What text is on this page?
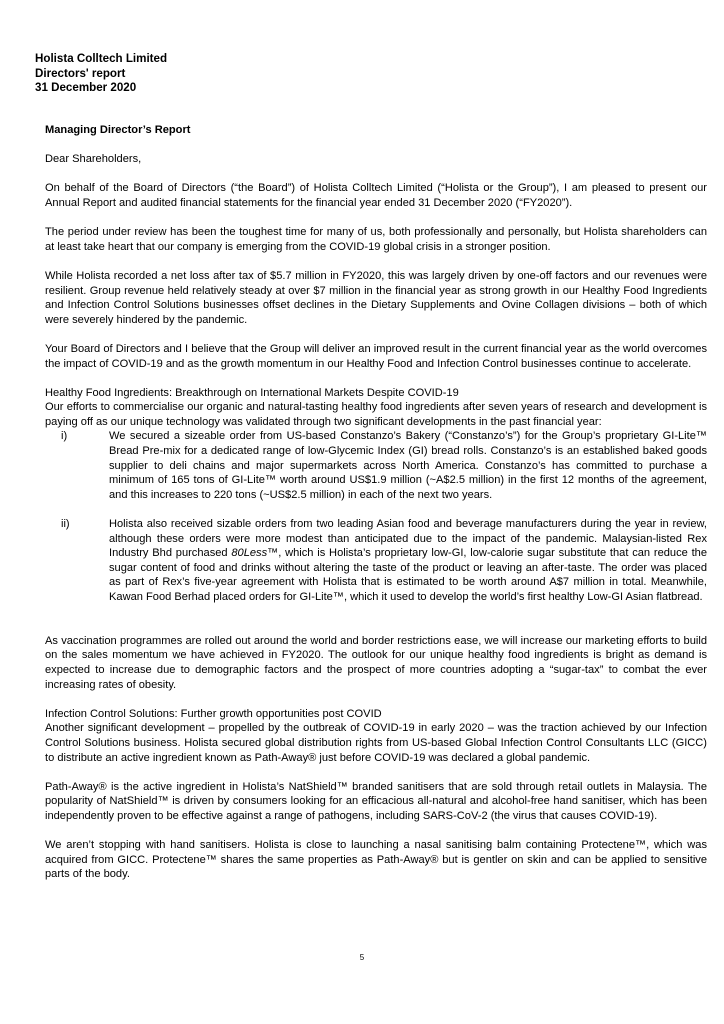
Holista Colltech Limited
Directors' report
31 December 2020

Managing Director’s Report

Dear Shareholders,

On behalf of the Board of Directors (“the Board”) of Holista Colltech Limited (“Holista or the Group”), I am pleased to present our Annual Report and audited financial statements for the financial year ended 31 December 2020 (“FY2020”).

The period under review has been the toughest time for many of us, both professionally and personally, but Holista shareholders can at least take heart that our company is emerging from the COVID-19 global crisis in a stronger position.

While Holista recorded a net loss after tax of $5.7 million in FY2020, this was largely driven by one-off factors and our revenues were resilient. Group revenue held relatively steady at over $7 million in the financial year as strong growth in our Healthy Food Ingredients and Infection Control Solutions businesses offset declines in the Dietary Supplements and Ovine Collagen divisions – both of which were severely hindered by the pandemic.

Your Board of Directors and I believe that the Group will deliver an improved result in the current financial year as the world overcomes the impact of COVID-19 and as the growth momentum in our Healthy Food and Infection Control businesses continue to accelerate.

Healthy Food Ingredients: Breakthrough on International Markets Despite COVID-19

Our efforts to commercialise our organic and natural-tasting healthy food ingredients after seven years of research and development is paying off as our unique technology was validated through two significant developments in the past financial year:

i)	We secured a sizeable order from US-based Constanzo’s Bakery (“Constanzo’s”) for the Group’s proprietary GI-Lite™ Bread Pre-mix for a dedicated range of low-Glycemic Index (GI) bread rolls. Constanzo’s is an established baked goods supplier to deli chains and major supermarkets across North America. Constanzo’s has committed to purchase a minimum of 165 tons of GI-Lite™ worth around US$1.9 million (~A$2.5 million) in the first 12 months of the agreement, and this increases to 220 tons (~US$2.5 million) in each of the next two years.
ii)	Holista also received sizable orders from two leading Asian food and beverage manufacturers during the year in review, although these orders were more modest than anticipated due to the impact of the pandemic. Malaysian-listed Rex Industry Bhd purchased 80Less™, which is Holista’s proprietary low-GI, low-calorie sugar substitute that can reduce the sugar content of food and drinks without altering the taste of the product or leaving an after-taste. The order was placed as part of Rex’s five-year agreement with Holista that is estimated to be worth around A$7 million in total. Meanwhile, Kawan Food Berhad placed orders for GI-Lite™, which it used to develop the world’s first healthy Low-GI Asian flatbread.

As vaccination programmes are rolled out around the world and border restrictions ease, we will increase our marketing efforts to build on the sales momentum we have achieved in FY2020. The outlook for our unique healthy food ingredients is bright as demand is expected to increase due to demographic factors and the prospect of more countries adopting a “sugar-tax” to combat the ever increasing rates of obesity.

Infection Control Solutions: Further growth opportunities post COVID

Another significant development – propelled by the outbreak of COVID-19 in early 2020 – was the traction achieved by our Infection Control Solutions business. Holista secured global distribution rights from US-based Global Infection Control Consultants LLC (GICC) to distribute an active ingredient known as Path-Away® just before COVID-19 was declared a global pandemic.

Path-Away® is the active ingredient in Holista’s NatShield™ branded sanitisers that are sold through retail outlets in Malaysia. The popularity of NatShield™ is driven by consumers looking for an efficacious all-natural and alcohol-free hand sanitiser, which has been independently proven to be effective against a range of pathogens, including SARS-CoV-2 (the virus that causes COVID-19).

We aren’t stopping with hand sanitisers. Holista is close to launching a nasal sanitising balm containing Protectene™, which was acquired from GICC. Protectene™ shares the same properties as Path-Away® but is gentler on skin and can be applied to sensitive parts of the body.

5
